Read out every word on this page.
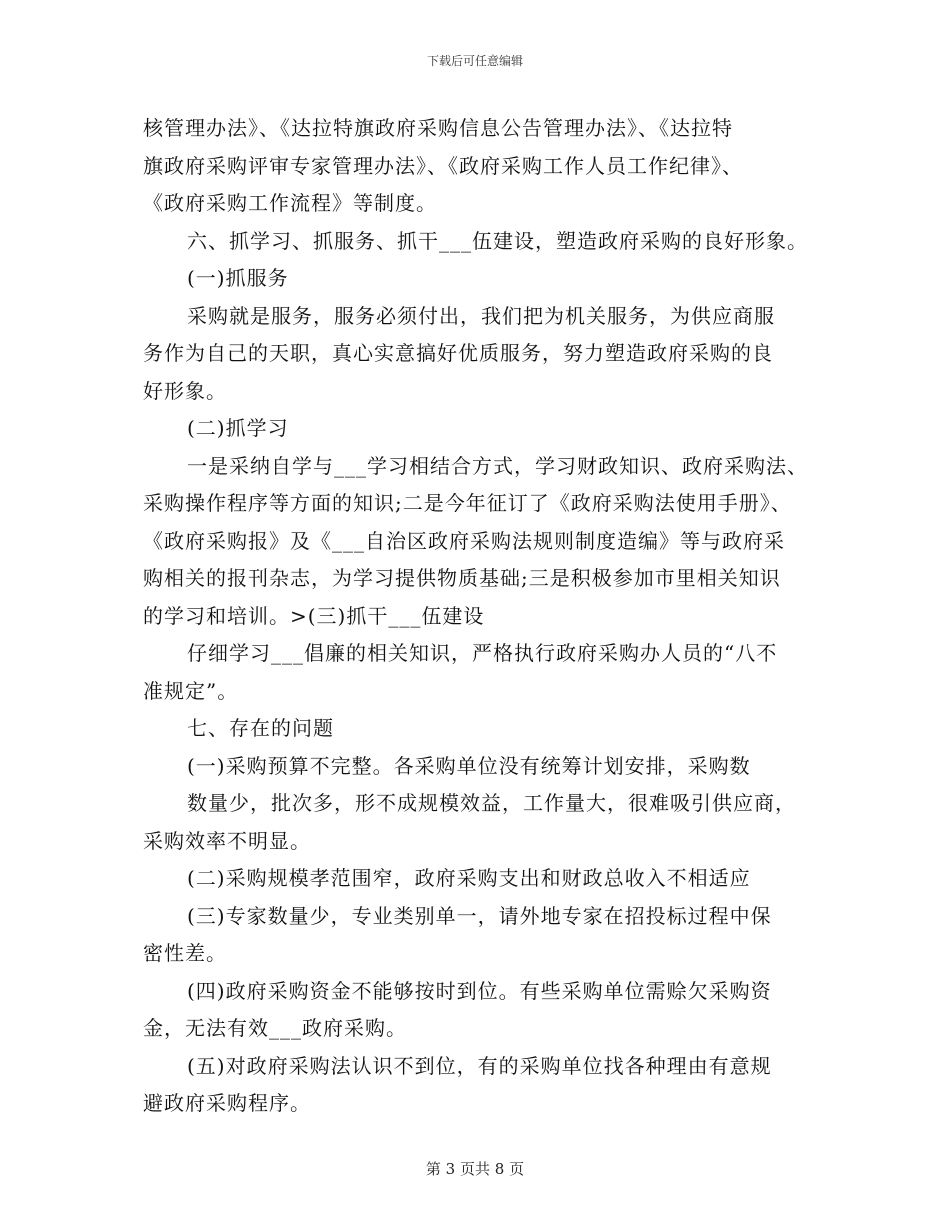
下载后可任意编辑

核管理办法》、《达拉特旗政府采购信息公告管理办法》、《达拉特

旗政府采购评审专家管理办法》、《政府采购工作人员工作纪律》、

《政府采购工作流程》等制度。

六、抓学习、抓服务、抓干___伍建设，塑造政府采购的良好形象。

(一)抓服务

采购就是服务，服务必须付出，我们把为机关服务，为供应商服

务作为自己的天职，真心实意搞好优质服务，努力塑造政府采购的良

好形象。

(二)抓学习

一是采纳自学与___学习相结合方式，学习财政知识、政府采购法、

采购操作程序等方面的知识;二是今年征订了《政府采购法使用手册》、

《政府采购报》及《___自治区政府采购法规则制度造编》等与政府采

购相关的报刊杂志，为学习提供物质基础;三是积极参加市里相关知识

的学习和培训。>(三)抓干___伍建设

仔细学习___倡廉的相关知识，严格执行政府采购办人员的“八不

准规定”。

七、存在的问题

(一)采购预算不完整。各采购单位没有统筹计划安排，采购数

数量少，批次多，形不成规模效益，工作量大，很难吸引供应商，

采购效率不明显。

(二)采购规模孝范围窄，政府采购支出和财政总收入不相适应

(三)专家数量少，专业类别单一，请外地专家在招投标过程中保

密性差。

(四)政府采购资金不能够按时到位。有些采购单位需赊欠采购资

金，无法有效___政府采购。

(五)对政府采购法认识不到位，有的采购单位找各种理由有意规

避政府采购程序。

第 3 页共 8 页
